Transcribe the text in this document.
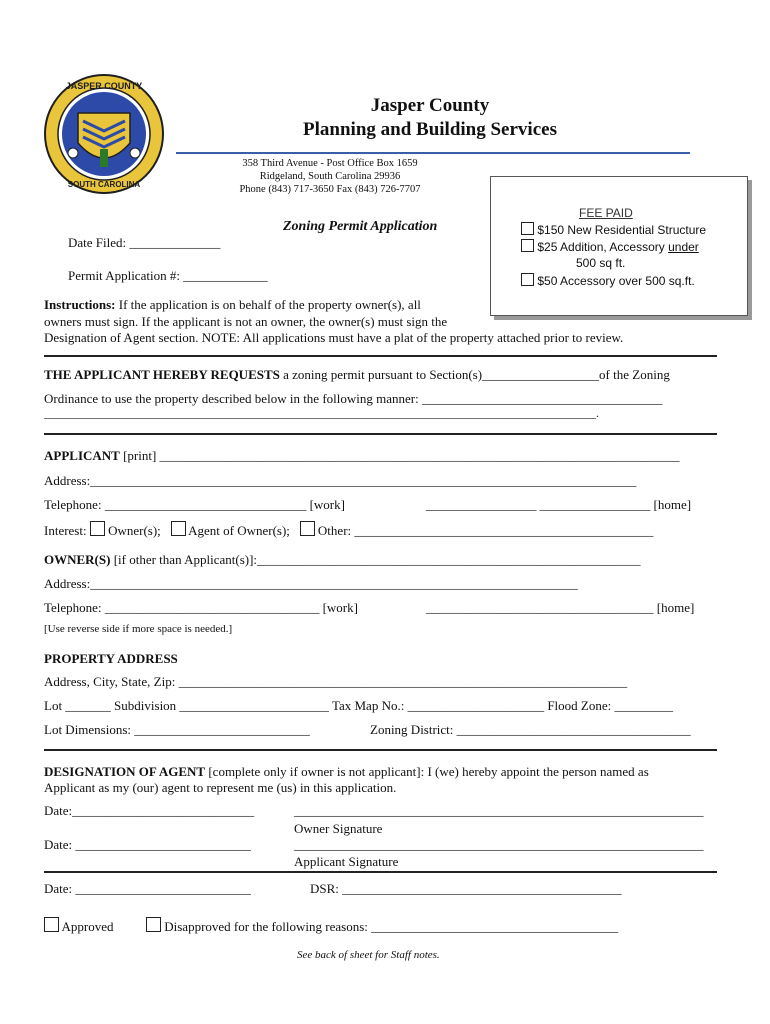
JASPER COUNTY
SOUTH CAROLINA
Jasper County
Planning and Building Services
358 Third Avenue - Post Office Box 1659
Ridgeland, South Carolina 29936
Phone (843) 717-3650 Fax (843) 726-7707
Zoning Permit Application
Date Filed: ______________
Permit Application #: _____________
FEE PAID
$150 New Residential Structure
$25 Addition, Accessory under
500 sq ft.
$50 Accessory over 500 sq.ft.
Instructions: If the application is on behalf of the property owner(s), all
owners must sign. If the applicant is not an owner, the owner(s) must sign the
Designation of Agent section. NOTE: All applications must have a plat of the property attached prior to review.
THE APPLICANT HEREBY REQUESTS a zoning permit pursuant to Section(s)__________________of the Zoning
Ordinance to use the property described below in the following manner: _____________________________________
____________________________________________________________________________________________.
APPLICANT [print] ________________________________________________________________________________
Address:____________________________________________________________________________________
Telephone: _______________________________ [work]	_________________ _________________ [home]
Interest: Owner(s); Agent of Owner(s); Other: ______________________________________________
OWNER(S) [if other than Applicant(s)]:___________________________________________________________
Address:___________________________________________________________________________
Telephone: _________________________________ [work]	___________________________________ [home]
[Use reverse side if more space is needed.]
PROPERTY ADDRESS
Address, City, State, Zip: _____________________________________________________________________
Lot _______ Subdivision _______________________ Tax Map No.: _____________________ Flood Zone: _________
Lot Dimensions: ___________________________	Zoning District: ____________________________________
DESIGNATION OF AGENT [complete only if owner is not applicant]: I (we) hereby appoint the person named as
Applicant as my (our) agent to represent me (us) in this application.
Date:____________________________	_______________________________________________________________
Owner Signature
Date: ___________________________	_______________________________________________________________
Applicant Signature
Date: ___________________________	DSR: ___________________________________________
Approved	Disapproved for the following reasons: ______________________________________
See back of sheet for Staff notes.
